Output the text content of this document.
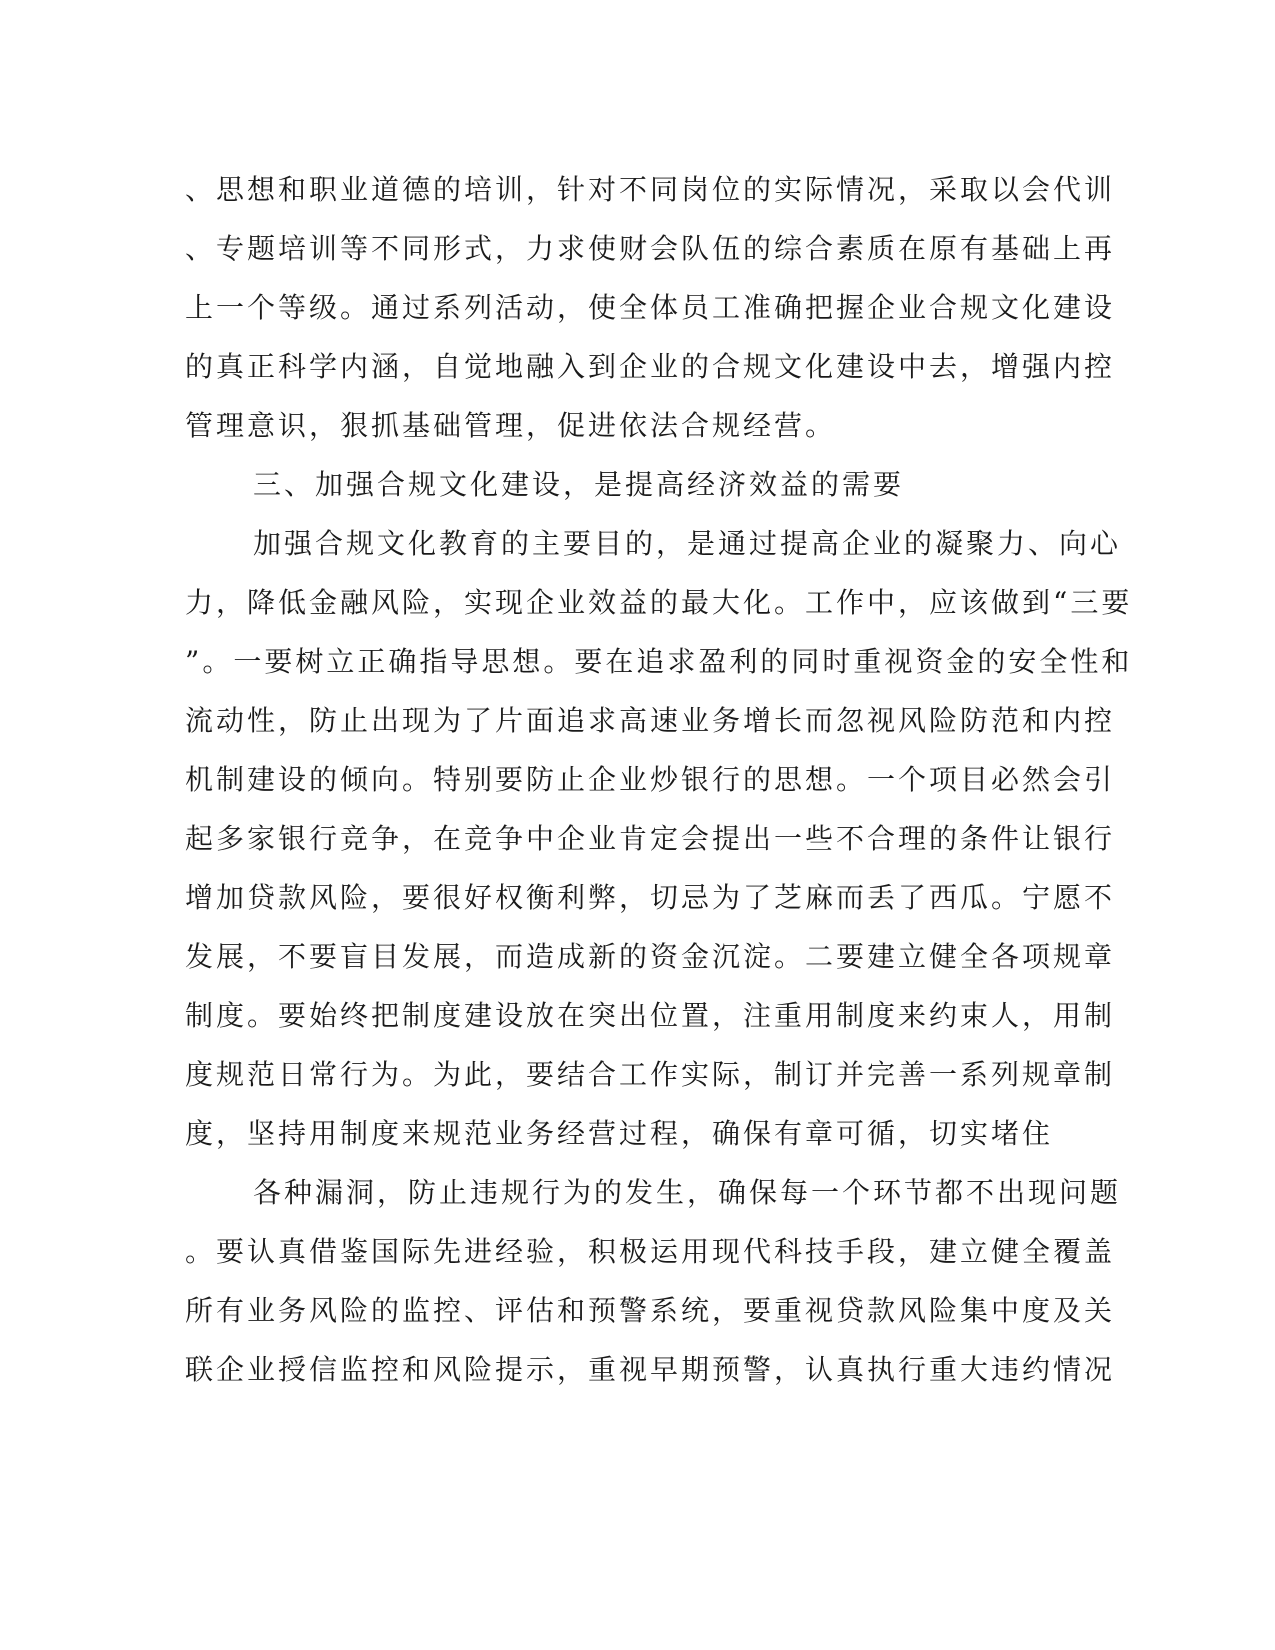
、思想和职业道德的培训，针对不同岗位的实际情况，采取以会代训
、专题培训等不同形式，力求使财会队伍的综合素质在原有基础上再
上一个等级。通过系列活动，使全体员工准确把握企业合规文化建设
的真正科学内涵，自觉地融入到企业的合规文化建设中去，增强内控
管理意识，狠抓基础管理，促进依法合规经营。
三、加强合规文化建设，是提高经济效益的需要
加强合规文化教育的主要目的，是通过提高企业的凝聚力、向心
力，降低金融风险，实现企业效益的最大化。工作中，应该做到“三要
”。一要树立正确指导思想。要在追求盈利的同时重视资金的安全性和
流动性，防止出现为了片面追求高速业务增长而忽视风险防范和内控
机制建设的倾向。特别要防止企业炒银行的思想。一个项目必然会引
起多家银行竞争，在竞争中企业肯定会提出一些不合理的条件让银行
增加贷款风险，要很好权衡利弊，切忌为了芝麻而丢了西瓜。宁愿不
发展，不要盲目发展，而造成新的资金沉淀。二要建立健全各项规章
制度。要始终把制度建设放在突出位置，注重用制度来约束人，用制
度规范日常行为。为此，要结合工作实际，制订并完善一系列规章制
度，坚持用制度来规范业务经营过程，确保有章可循，切实堵住
各种漏洞，防止违规行为的发生，确保每一个环节都不出现问题
。要认真借鉴国际先进经验，积极运用现代科技手段，建立健全覆盖
所有业务风险的监控、评估和预警系统，要重视贷款风险集中度及关
联企业授信监控和风险提示，重视早期预警，认真执行重大违约情况
